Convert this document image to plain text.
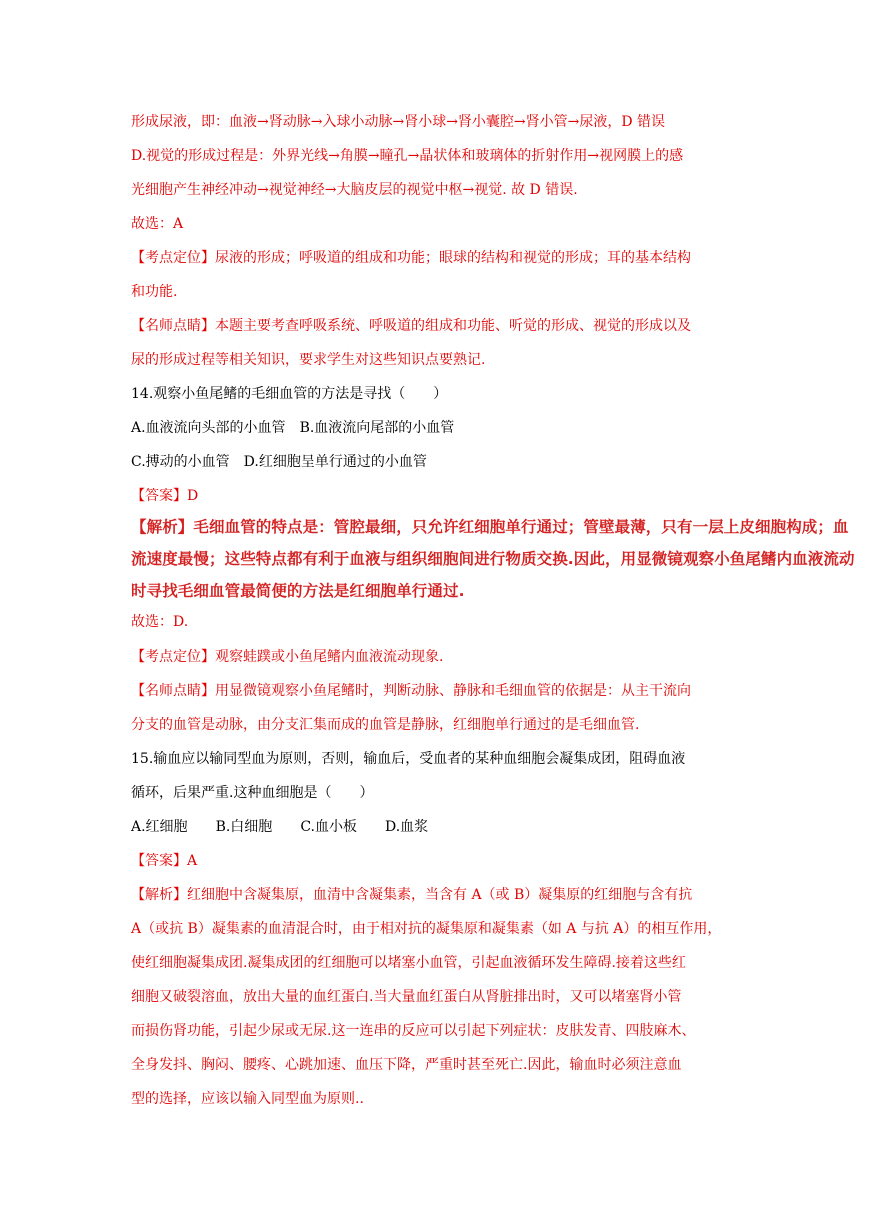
形成尿液，即：血液→肾动脉→入球小动脉→肾小球→肾小囊腔→肾小管→尿液，D 错误
D.视觉的形成过程是：外界光线→角膜→瞳孔→晶状体和玻璃体的折射作用→视网膜上的感
光细胞产生神经冲动→视觉神经→大脑皮层的视觉中枢→视觉. 故 D 错误.
故选：A
【考点定位】尿液的形成；呼吸道的组成和功能；眼球的结构和视觉的形成；耳的基本结构
和功能.
【名师点睛】本题主要考查呼吸系统、呼吸道的组成和功能、听觉的形成、视觉的形成以及
尿的形成过程等相关知识，要求学生对这些知识点要熟记.
14.观察小鱼尾鳍的毛细血管的方法是寻找（　　）
A.血液流向头部的小血管 B.血液流向尾部的小血管
C.搏动的小血管 D.红细胞呈单行通过的小血管
【答案】D
【解析】毛细血管的特点是：管腔最细，只允许红细胞单行通过；管壁最薄，只有一层上皮细胞构成；血
流速度最慢；这些特点都有利于血液与组织细胞间进行物质交换.因此，用显微镜观察小鱼尾鳍内血液流动
时寻找毛细血管最简便的方法是红细胞单行通过.
故选：D.
【考点定位】观察蛙蹼或小鱼尾鳍内血液流动现象.
【名师点睛】用显微镜观察小鱼尾鳍时，判断动脉、静脉和毛细血管的依据是：从主干流向
分支的血管是动脉，由分支汇集而成的血管是静脉，红细胞单行通过的是毛细血管.
15.输血应以输同型血为原则，否则，输血后，受血者的某种血细胞会凝集成团，阻碍血液
循环，后果严重.这种血细胞是（　　）
A.红细胞 B.白细胞 C.血小板 D.血浆
【答案】A
【解析】红细胞中含凝集原，血清中含凝集素，当含有 A（或 B）凝集原的红细胞与含有抗
A（或抗 B）凝集素的血清混合时，由于相对抗的凝集原和凝集素（如 A 与抗 A）的相互作用，
使红细胞凝集成团.凝集成团的红细胞可以堵塞小血管，引起血液循环发生障碍.接着这些红
细胞又破裂溶血，放出大量的血红蛋白.当大量血红蛋白从肾脏排出时，又可以堵塞肾小管
而损伤肾功能，引起少尿或无尿.这一连串的反应可以引起下列症状：皮肤发青、四肢麻木、
全身发抖、胸闷、腰疼、心跳加速、血压下降，严重时甚至死亡.因此，输血时必须注意血
型的选择，应该以输入同型血为原则..
